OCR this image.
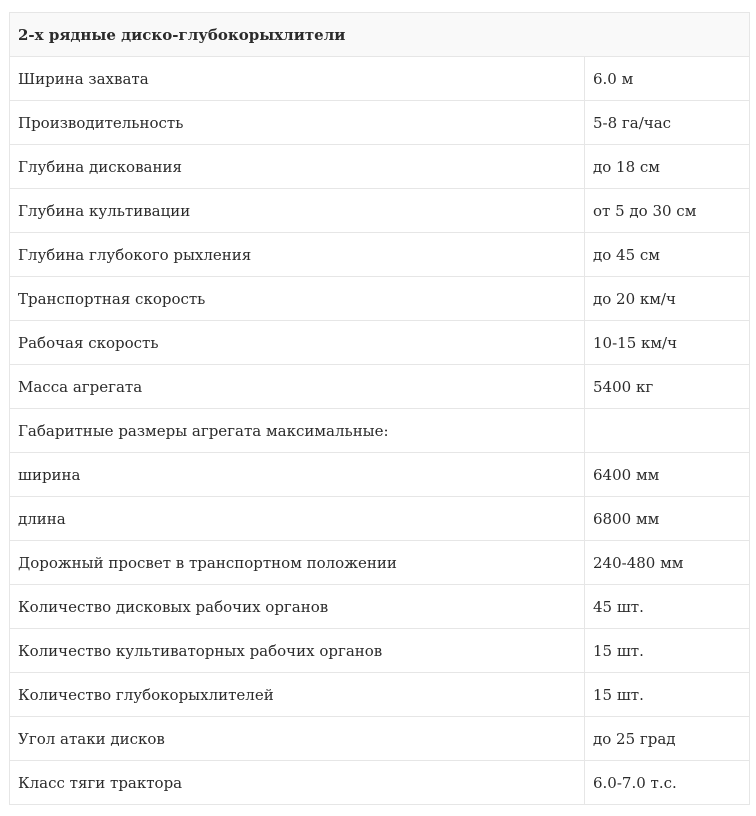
2-х рядные диско-глубокорыхлители	
Ширина захвата	6.0 м
Производительность	5-8 га/час
Глубина дискования	до 18 см
Глубина культивации	от 5 до 30 см
Глубина глубокого рыхления	до 45 см
Транспортная скорость	до 20 км/ч
Рабочая скорость	10-15 км/ч
Масса агрегата	5400 кг
Габаритные размеры агрегата максимальные:	
ширина	6400 мм
длина	6800 мм
Дорожный просвет в транспортном положении	240-480 мм
Количество дисковых рабочих органов	45 шт.
Количество культиваторных рабочих органов	15 шт.
Количество глубокорыхлителей	15 шт.
Угол атаки дисков	до 25 град
Класс тяги трактора	6.0-7.0 т.с.
